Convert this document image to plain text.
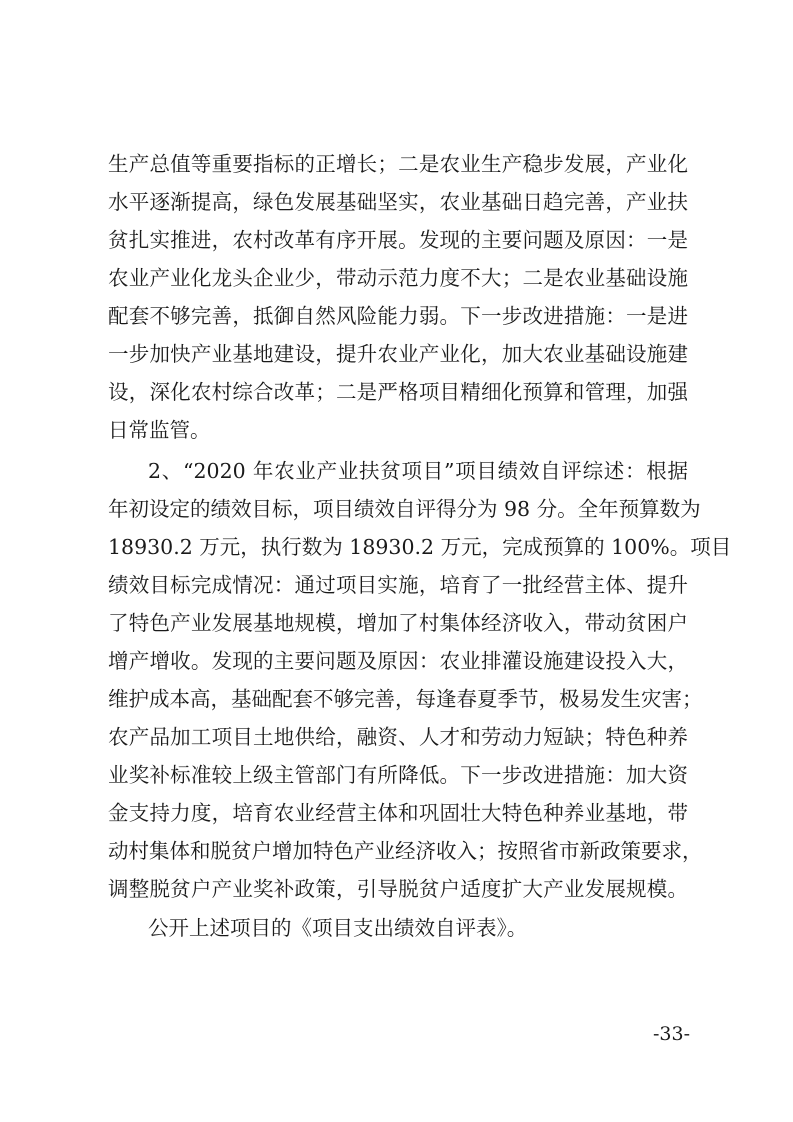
生产总值等重要指标的正增长；二是农业生产稳步发展，产业化
水平逐渐提高，绿色发展基础坚实，农业基础日趋完善，产业扶
贫扎实推进，农村改革有序开展。发现的主要问题及原因：一是
农业产业化龙头企业少，带动示范力度不大；二是农业基础设施
配套不够完善，抵御自然风险能力弱。下一步改进措施：一是进
一步加快产业基地建设，提升农业产业化，加大农业基础设施建
设，深化农村综合改革；二是严格项目精细化预算和管理，加强
日常监管。
2、“2020 年农业产业扶贫项目”项目绩效自评综述：根据
年初设定的绩效目标，项目绩效自评得分为 98 分。全年预算数为
18930.2 万元，执行数为 18930.2 万元，完成预算的 100%。项目
绩效目标完成情况：通过项目实施，培育了一批经营主体、提升
了特色产业发展基地规模，增加了村集体经济收入，带动贫困户
增产增收。发现的主要问题及原因：农业排灌设施建设投入大，
维护成本高，基础配套不够完善，每逢春夏季节，极易发生灾害；
农产品加工项目土地供给，融资、人才和劳动力短缺；特色种养
业奖补标准较上级主管部门有所降低。下一步改进措施：加大资
金支持力度，培育农业经营主体和巩固壮大特色种养业基地，带
动村集体和脱贫户增加特色产业经济收入；按照省市新政策要求，
调整脱贫户产业奖补政策，引导脱贫户适度扩大产业发展规模。
公开上述项目的《项目支出绩效自评表》。
-33-
